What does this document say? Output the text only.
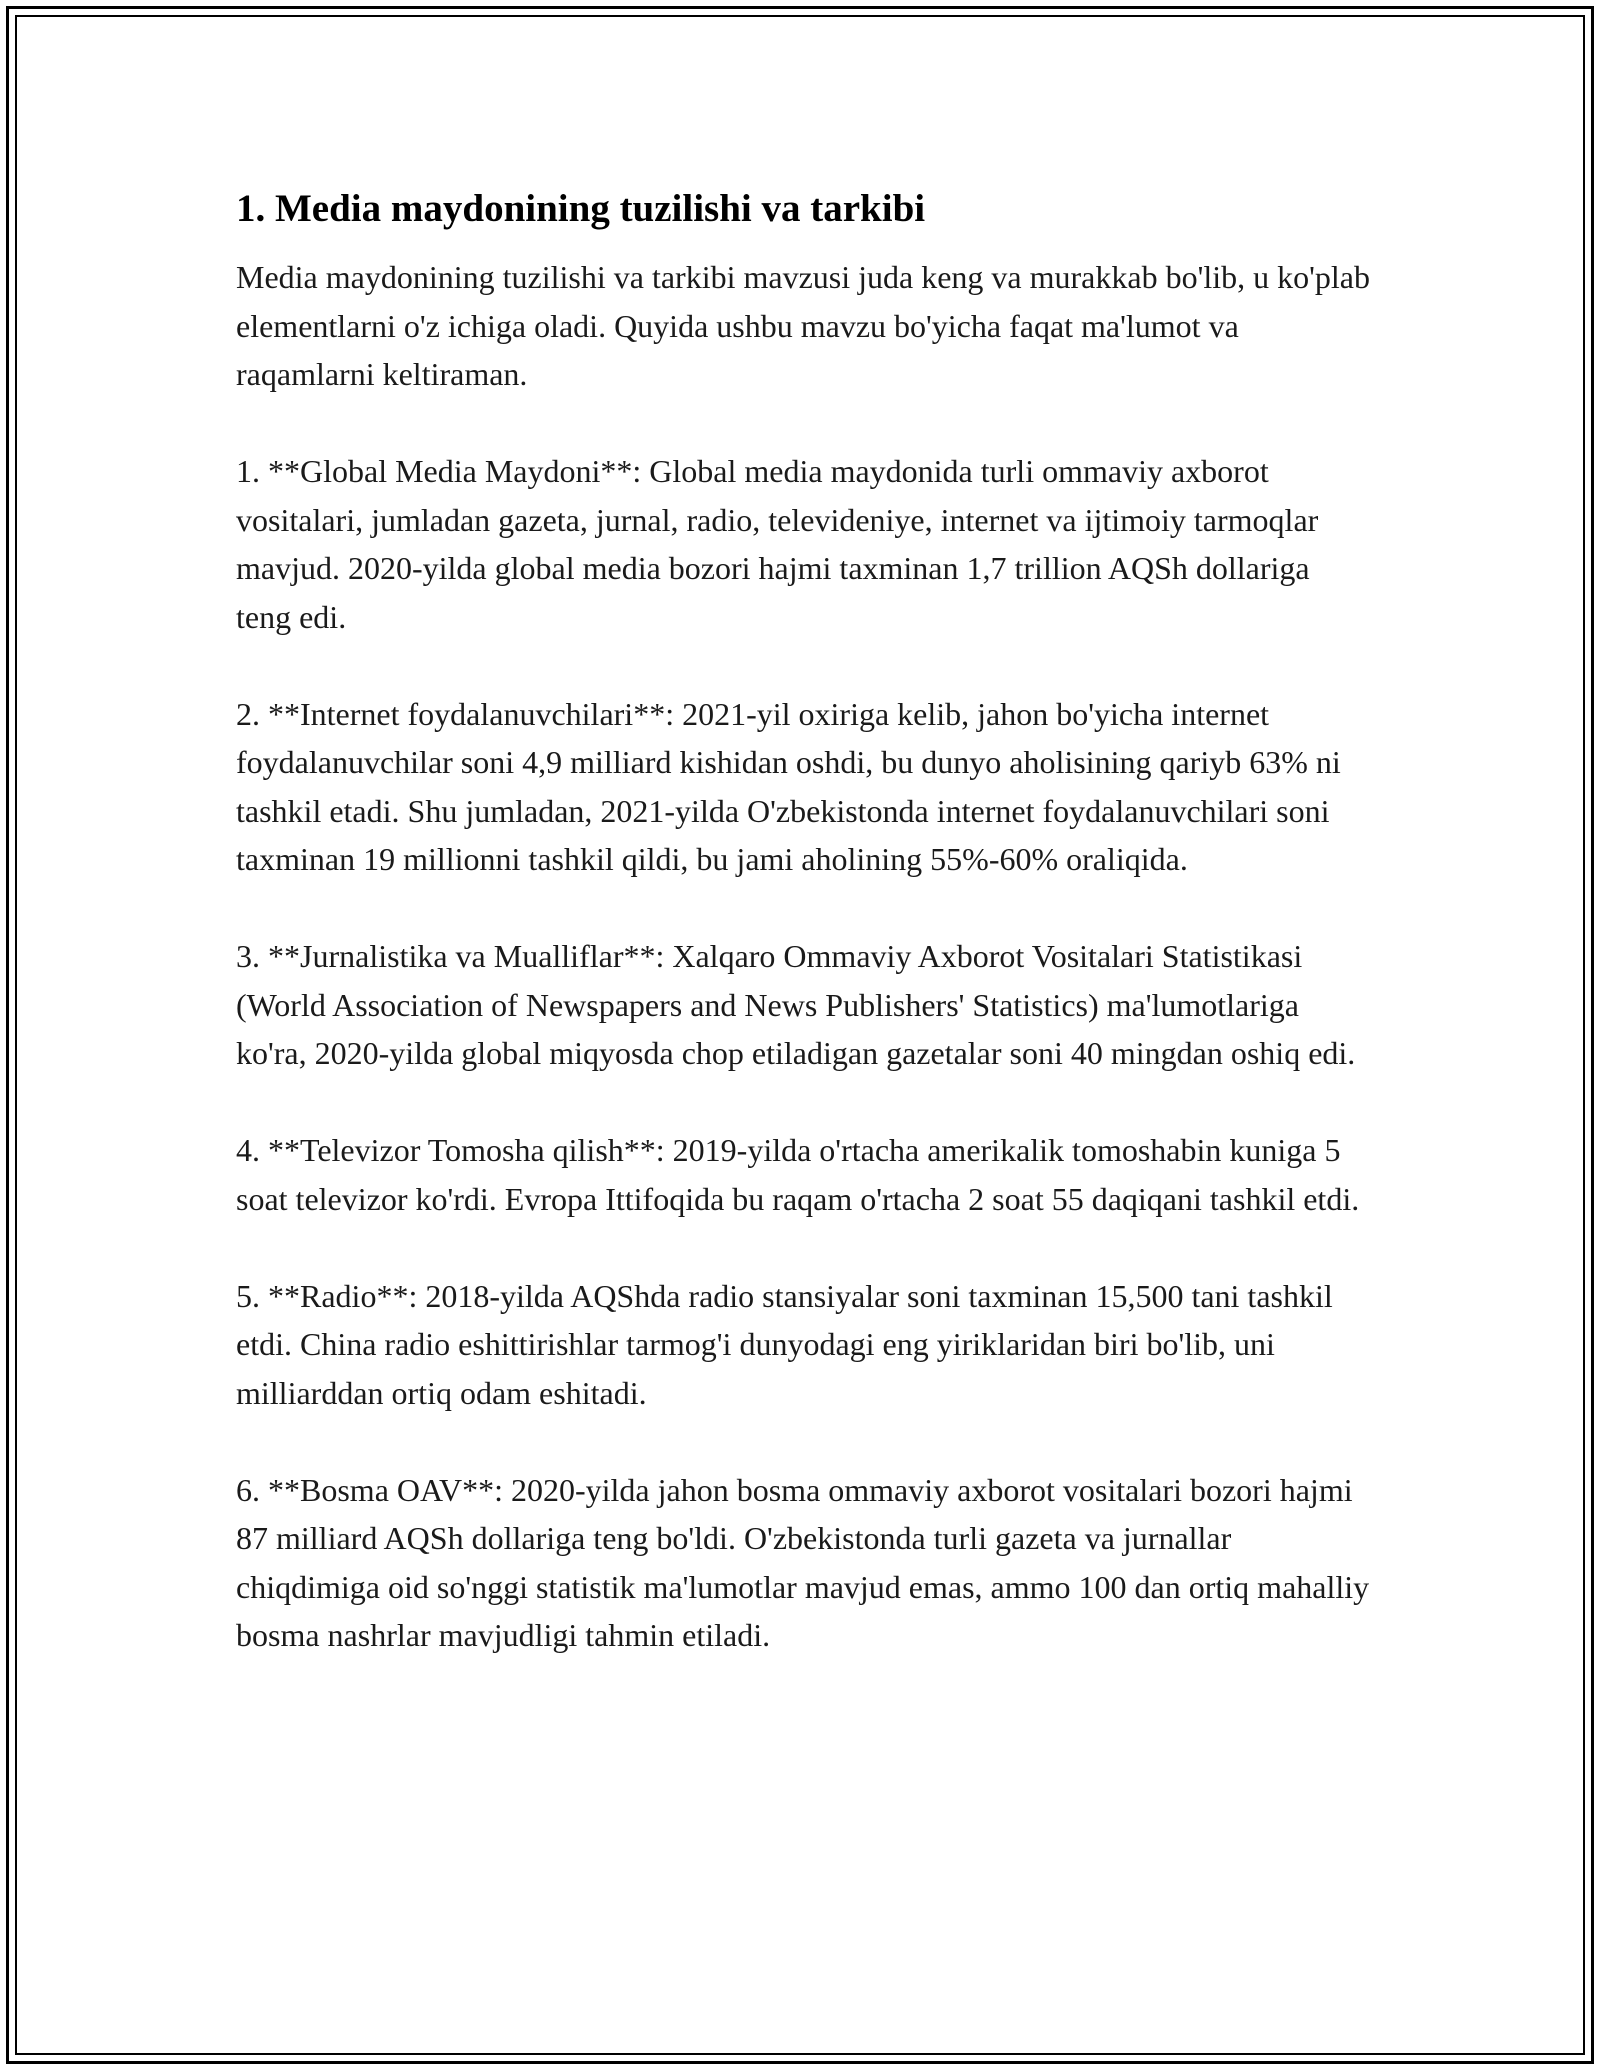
1. Media maydonining tuzilishi va tarkibi

Media maydonining tuzilishi va tarkibi mavzusi juda keng va murakkab bo'lib, u ko'plab elementlarni o'z ichiga oladi. Quyida ushbu mavzu bo'yicha faqat ma'lumot va raqamlarni keltiraman.

1. **Global Media Maydoni**: Global media maydonida turli ommaviy axborot vositalari, jumladan gazeta, jurnal, radio, televideniye, internet va ijtimoiy tarmoqlar mavjud. 2020-yilda global media bozori hajmi taxminan 1,7 trillion AQSh dollariga teng edi.

2. **Internet foydalanuvchilari**: 2021-yil oxiriga kelib, jahon bo'yicha internet foydalanuvchilar soni 4,9 milliard kishidan oshdi, bu dunyo aholisining qariyb 63% ni tashkil etadi. Shu jumladan, 2021-yilda O'zbekistonda internet foydalanuvchilari soni taxminan 19 millionni tashkil qildi, bu jami aholining 55%-60% oraliqida.

3. **Jurnalistika va Mualliflar**: Xalqaro Ommaviy Axborot Vositalari Statistikasi (World Association of Newspapers and News Publishers' Statistics) ma'lumotlariga ko'ra, 2020-yilda global miqyosda chop etiladigan gazetalar soni 40 mingdan oshiq edi.

4. **Televizor Tomosha qilish**: 2019-yilda o'rtacha amerikalik tomoshabin kuniga 5 soat televizor ko'rdi. Evropa Ittifoqida bu raqam o'rtacha 2 soat 55 daqiqani tashkil etdi.

5. **Radio**: 2018-yilda AQShda radio stansiyalar soni taxminan 15,500 tani tashkil etdi. China radio eshittirishlar tarmog'i dunyodagi eng yiriklaridan biri bo'lib, uni milliarddan ortiq odam eshitadi.

6. **Bosma OAV**: 2020-yilda jahon bosma ommaviy axborot vositalari bozori hajmi 87 milliard AQSh dollariga teng bo'ldi. O'zbekistonda turli gazeta va jurnallar chiqdimiga oid so'nggi statistik ma'lumotlar mavjud emas, ammo 100 dan ortiq mahalliy bosma nashrlar mavjudligi tahmin etiladi.
